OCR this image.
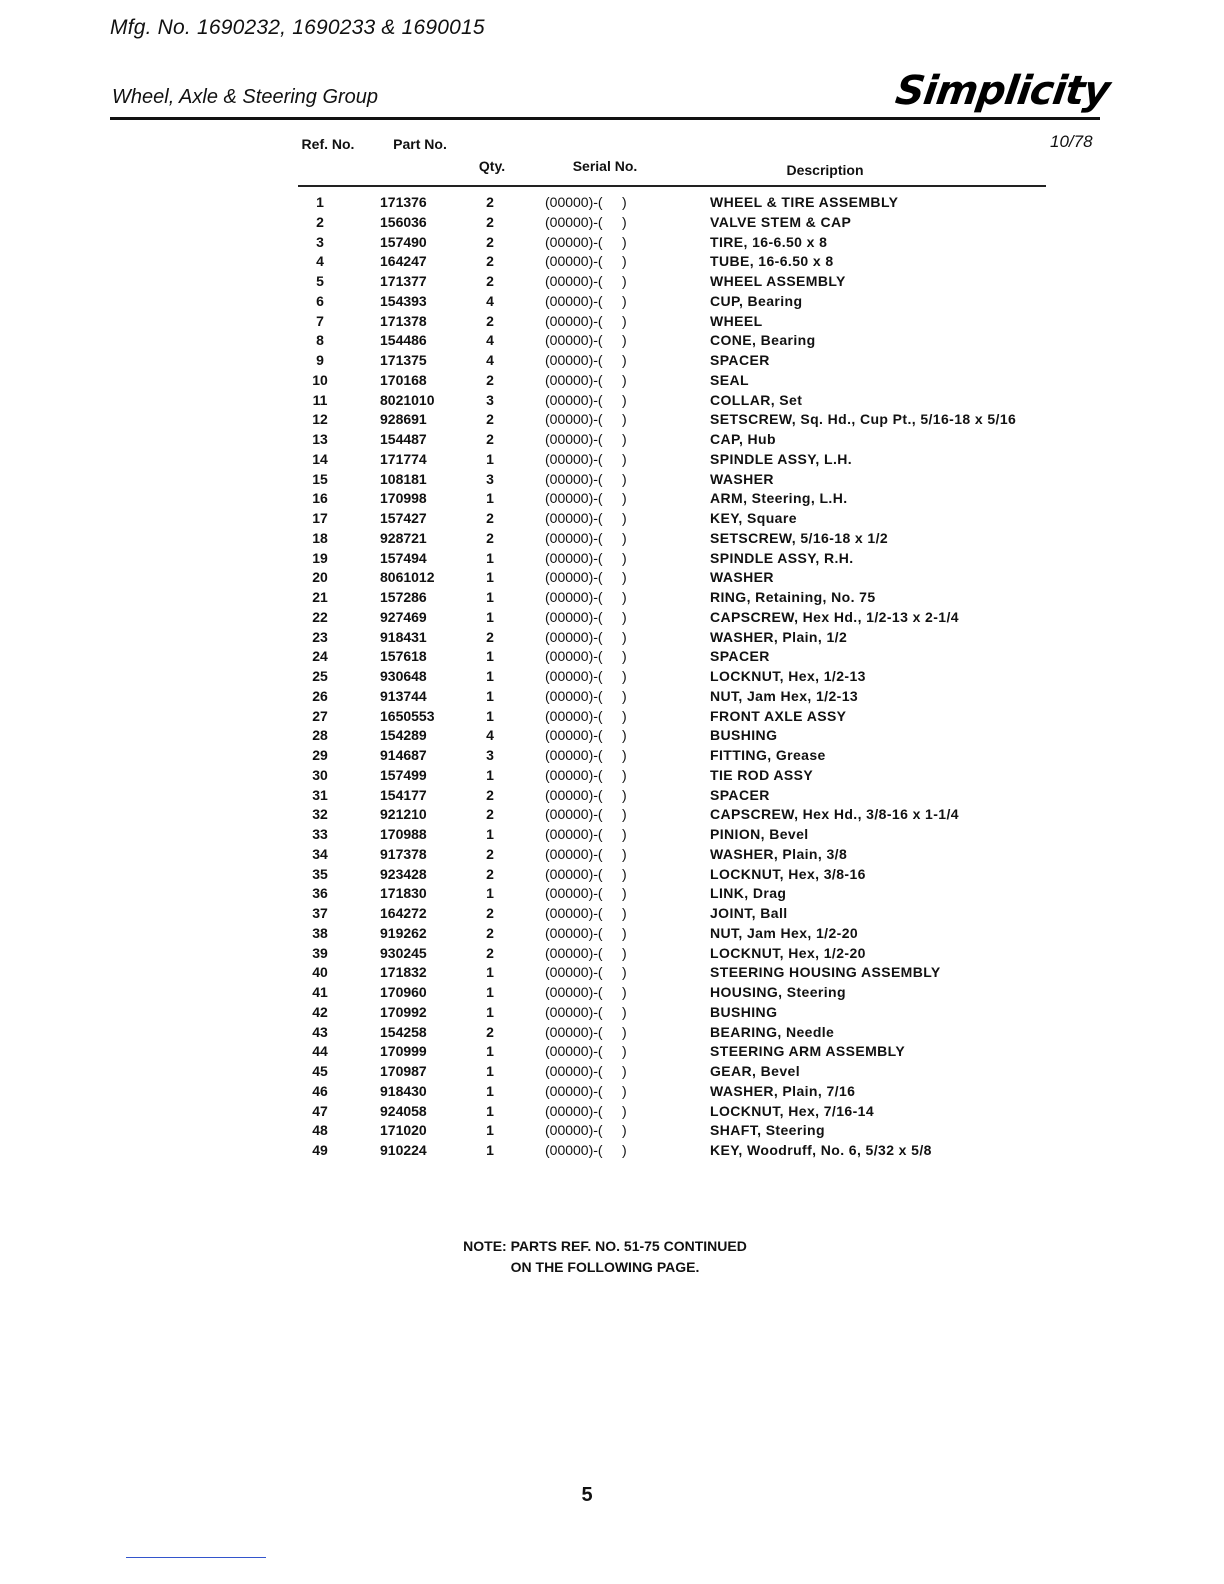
Mfg. No. 1690232, 1690233 & 1690015
Wheel, Axle & Steering Group	Simplicity
10/78
Ref. No.	Part No.
Qty.	Serial No.	Description
1	171376	2	(00000)-(     )	WHEEL & TIRE ASSEMBLY
2	156036	2	(00000)-(     )	VALVE STEM & CAP
3	157490	2	(00000)-(     )	TIRE, 16-6.50 x 8
4	164247	2	(00000)-(     )	TUBE, 16-6.50 x 8
5	171377	2	(00000)-(     )	WHEEL ASSEMBLY
6	154393	4	(00000)-(     )	CUP, Bearing
7	171378	2	(00000)-(     )	WHEEL
8	154486	4	(00000)-(     )	CONE, Bearing
9	171375	4	(00000)-(     )	SPACER
10	170168	2	(00000)-(     )	SEAL
11	8021010	3	(00000)-(     )	COLLAR, Set
12	928691	2	(00000)-(     )	SETSCREW, Sq. Hd., Cup Pt., 5/16-18 x 5/16
13	154487	2	(00000)-(     )	CAP, Hub
14	171774	1	(00000)-(     )	SPINDLE ASSY, L.H.
15	108181	3	(00000)-(     )	WASHER
16	170998	1	(00000)-(     )	ARM, Steering, L.H.
17	157427	2	(00000)-(     )	KEY, Square
18	928721	2	(00000)-(     )	SETSCREW, 5/16-18 x 1/2
19	157494	1	(00000)-(     )	SPINDLE ASSY, R.H.
20	8061012	1	(00000)-(     )	WASHER
21	157286	1	(00000)-(     )	RING, Retaining, No. 75
22	927469	1	(00000)-(     )	CAPSCREW, Hex Hd., 1/2-13 x 2-1/4
23	918431	2	(00000)-(     )	WASHER, Plain, 1/2
24	157618	1	(00000)-(     )	SPACER
25	930648	1	(00000)-(     )	LOCKNUT, Hex, 1/2-13
26	913744	1	(00000)-(     )	NUT, Jam Hex, 1/2-13
27	1650553	1	(00000)-(     )	FRONT AXLE ASSY
28	154289	4	(00000)-(     )	BUSHING
29	914687	3	(00000)-(     )	FITTING, Grease
30	157499	1	(00000)-(     )	TIE ROD ASSY
31	154177	2	(00000)-(     )	SPACER
32	921210	2	(00000)-(     )	CAPSCREW, Hex Hd., 3/8-16 x 1-1/4
33	170988	1	(00000)-(     )	PINION, Bevel
34	917378	2	(00000)-(     )	WASHER, Plain, 3/8
35	923428	2	(00000)-(     )	LOCKNUT, Hex, 3/8-16
36	171830	1	(00000)-(     )	LINK, Drag
37	164272	2	(00000)-(     )	JOINT, Ball
38	919262	2	(00000)-(     )	NUT, Jam Hex, 1/2-20
39	930245	2	(00000)-(     )	LOCKNUT, Hex, 1/2-20
40	171832	1	(00000)-(     )	STEERING HOUSING ASSEMBLY
41	170960	1	(00000)-(     )	HOUSING, Steering
42	170992	1	(00000)-(     )	BUSHING
43	154258	2	(00000)-(     )	BEARING, Needle
44	170999	1	(00000)-(     )	STEERING ARM ASSEMBLY
45	170987	1	(00000)-(     )	GEAR, Bevel
46	918430	1	(00000)-(     )	WASHER, Plain, 7/16
47	924058	1	(00000)-(     )	LOCKNUT, Hex, 7/16-14
48	171020	1	(00000)-(     )	SHAFT, Steering
49	910224	1	(00000)-(     )	KEY, Woodruff, No. 6, 5/32 x 5/8
NOTE: PARTS REF. NO. 51-75 CONTINUED
ON THE FOLLOWING PAGE.
5
